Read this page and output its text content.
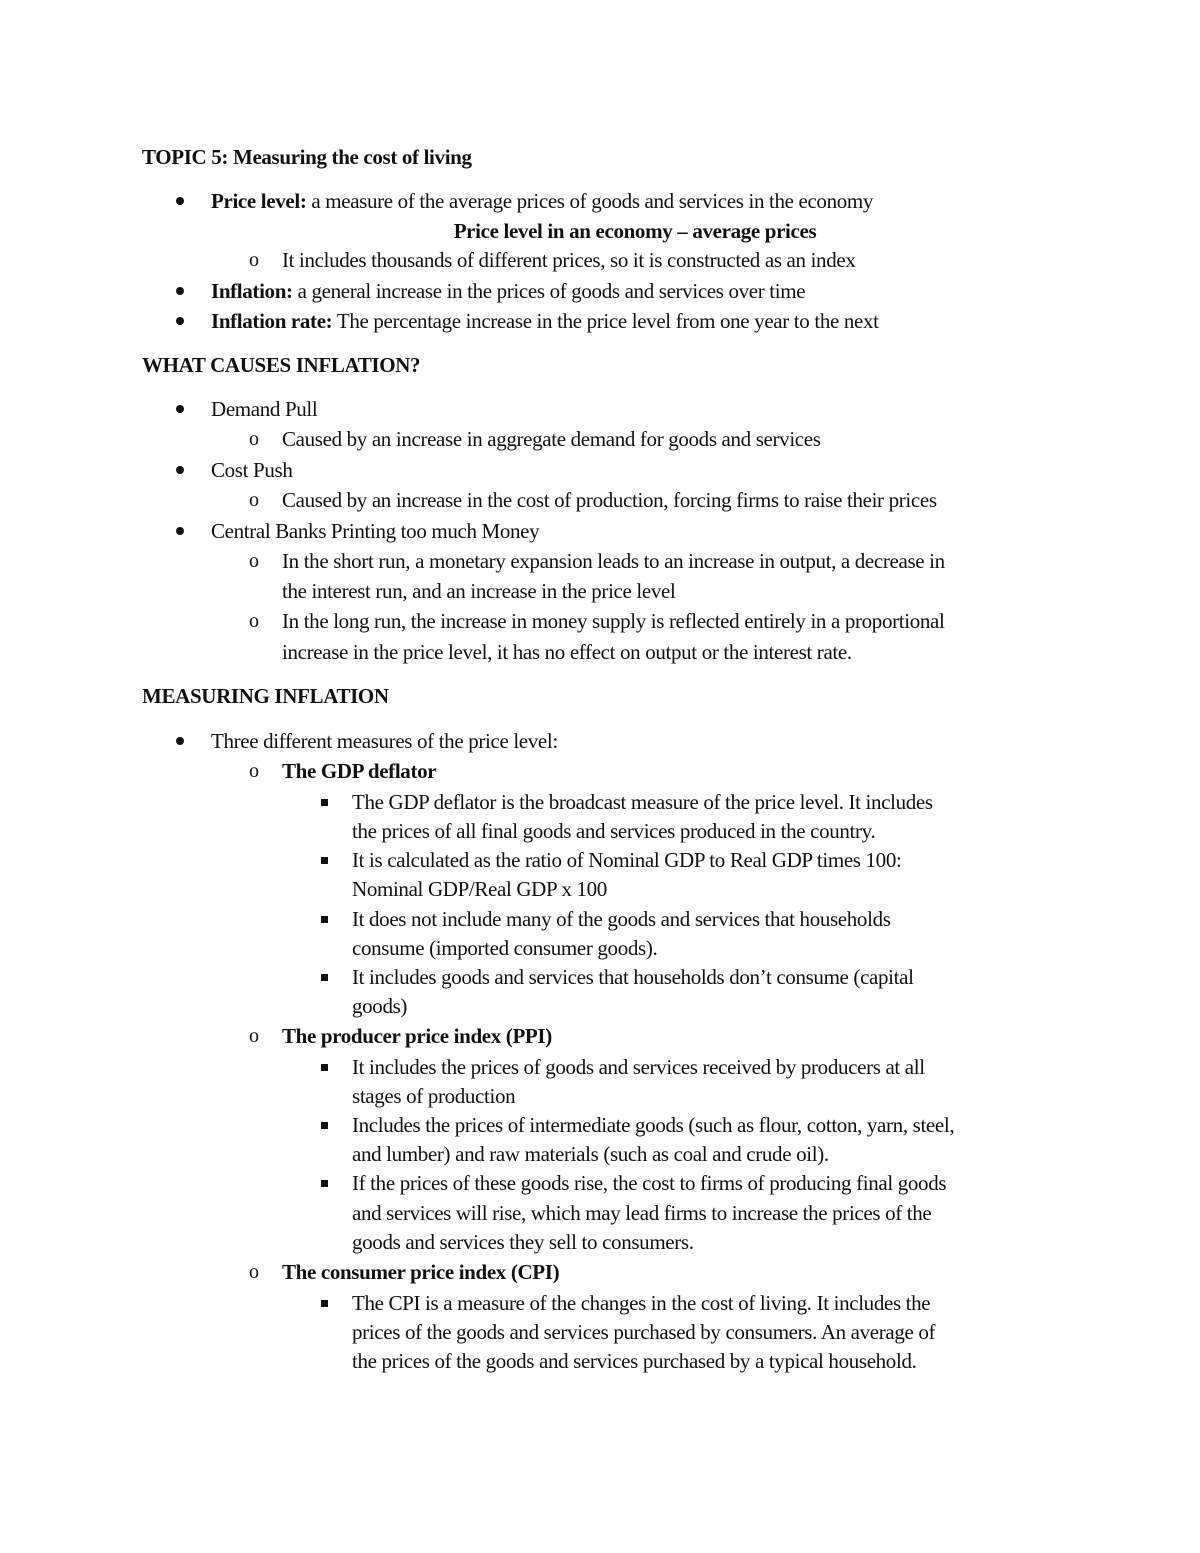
TOPIC 5: Measuring the cost of living
Price level: a measure of the average prices of goods and services in the economy
Price level in an economy – average prices
o It includes thousands of different prices, so it is constructed as an index
Inflation: a general increase in the prices of goods and services over time
Inflation rate: The percentage increase in the price level from one year to the next
WHAT CAUSES INFLATION?
Demand Pull
o Caused by an increase in aggregate demand for goods and services
Cost Push
o Caused by an increase in the cost of production, forcing firms to raise their prices
Central Banks Printing too much Money
o In the short run, a monetary expansion leads to an increase in output, a decrease in
the interest run, and an increase in the price level
o In the long run, the increase in money supply is reflected entirely in a proportional
increase in the price level, it has no effect on output or the interest rate.
MEASURING INFLATION
Three different measures of the price level:
o The GDP deflator
The GDP deflator is the broadcast measure of the price level. It includes
the prices of all final goods and services produced in the country.
It is calculated as the ratio of Nominal GDP to Real GDP times 100:
Nominal GDP/Real GDP x 100
It does not include many of the goods and services that households
consume (imported consumer goods).
It includes goods and services that households don’t consume (capital
goods)
o The producer price index (PPI)
It includes the prices of goods and services received by producers at all
stages of production
Includes the prices of intermediate goods (such as flour, cotton, yarn, steel,
and lumber) and raw materials (such as coal and crude oil).
If the prices of these goods rise, the cost to firms of producing final goods
and services will rise, which may lead firms to increase the prices of the
goods and services they sell to consumers.
o The consumer price index (CPI)
The CPI is a measure of the changes in the cost of living. It includes the
prices of the goods and services purchased by consumers. An average of
the prices of the goods and services purchased by a typical household.
